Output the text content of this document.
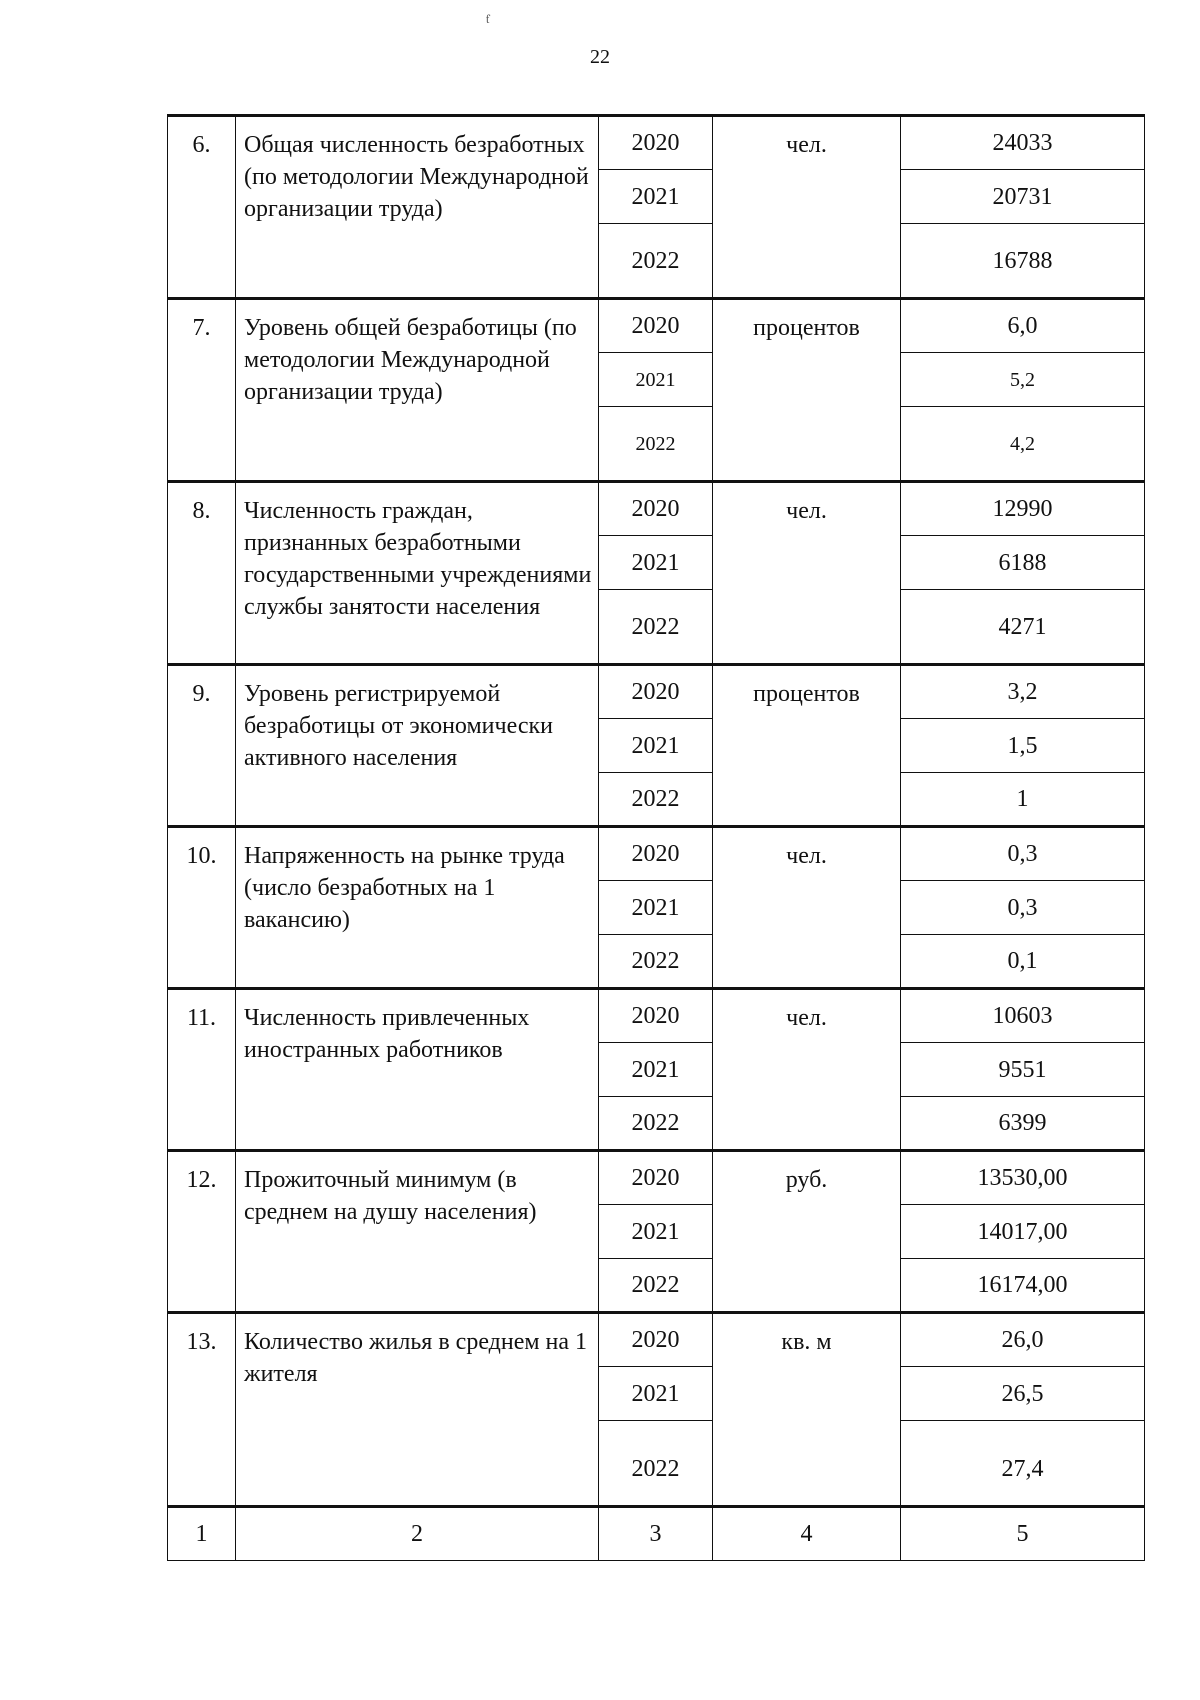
ƭ
22
6.	Общая численность безработных (по методологии Международной организации труда)	2020	чел.	24033
		2021		20731
		2022		16788
7.	Уровень общей безработицы (по методологии Международной организации труда)	2020	процентов	6,0
		2021		5,2
		2022		4,2
8.	Численность граждан, признанных безработными государственными учреждениями службы занятости населения	2020	чел.	12990
		2021		6188
		2022		4271
9.	Уровень регистрируемой безработицы от экономически активного населения	2020	процентов	3,2
		2021		1,5
		2022		1
10.	Напряженность на рынке труда (число безработных на 1 вакансию)	2020	чел.	0,3
		2021		0,3
		2022		0,1
11.	Численность привлеченных иностранных работников	2020	чел.	10603
		2021		9551
		2022		6399
12.	Прожиточный минимум (в среднем на душу населения)	2020	руб.	13530,00
		2021		14017,00
		2022		16174,00
13.	Количество жилья в среднем на 1 жителя	2020	кв. м	26,0
		2021		26,5
		2022		27,4
1	2	3	4	5
